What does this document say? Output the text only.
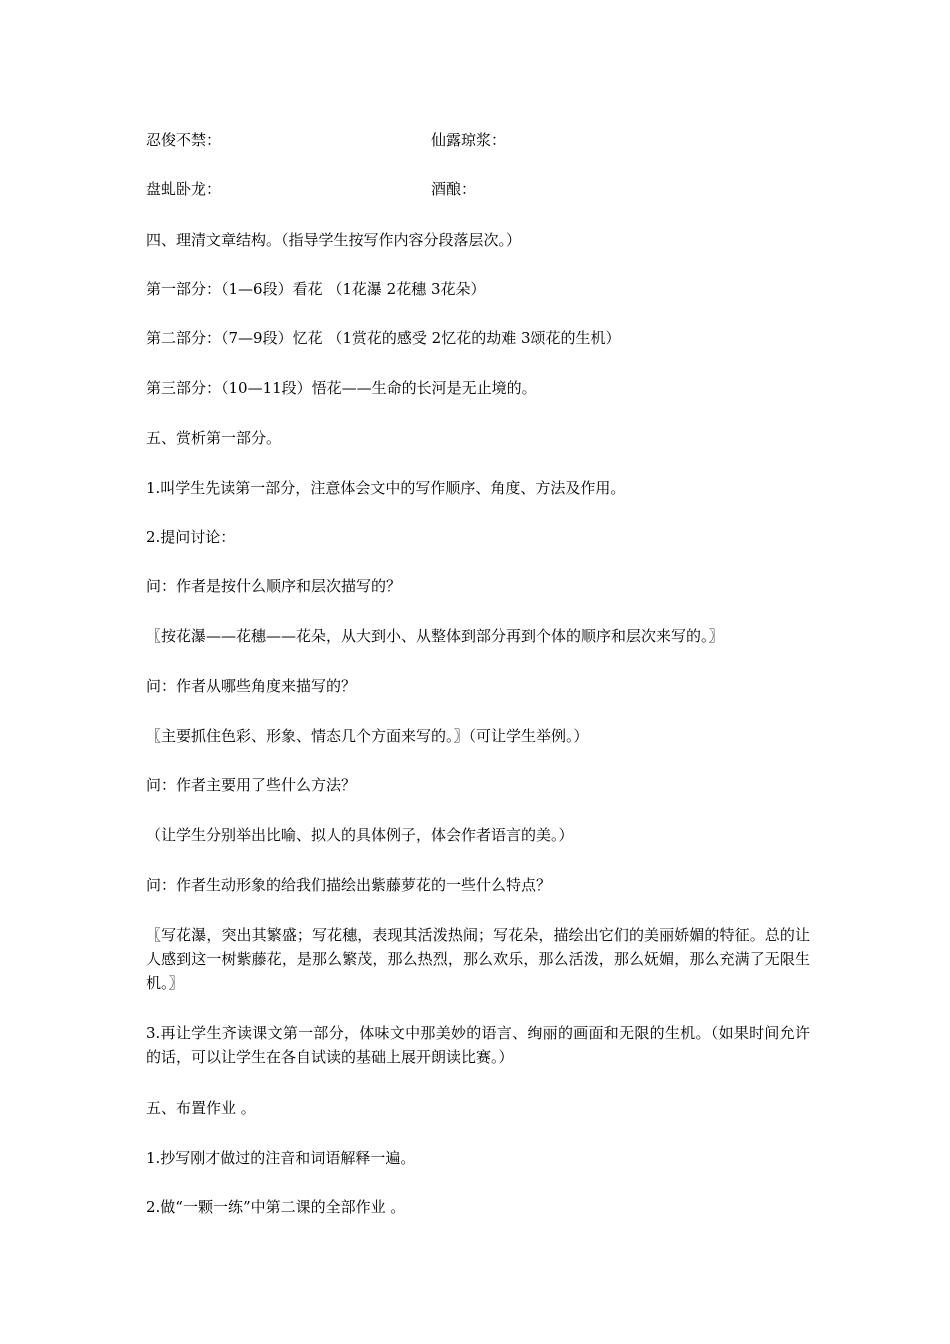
忍俊不禁：	仙露琼浆：
盘虬卧龙：	酒酿：
四、理清文章结构。（指导学生按写作内容分段落层次。）
第一部分：（1—6段）看花 （1花瀑 2花穗 3花朵）
第二部分：（7—9段）忆花 （1赏花的感受 2忆花的劫难 3颂花的生机）
第三部分：（10—11段）悟花——生命的长河是无止境的。
五、赏析第一部分。
1.叫学生先读第一部分，注意体会文中的写作顺序、角度、方法及作用。
2.提问讨论：
问：作者是按什么顺序和层次描写的？
〖按花瀑——花穗——花朵，从大到小、从整体到部分再到个体的顺序和层次来写的。〗
问：作者从哪些角度来描写的？
〖主要抓住色彩、形象、情态几个方面来写的。〗（可让学生举例。）
问：作者主要用了些什么方法？
（让学生分别举出比喻、拟人的具体例子，体会作者语言的美。）
问：作者生动形象的给我们描绘出紫藤萝花的一些什么特点？
〖写花瀑，突出其繁盛；写花穗，表现其活泼热闹；写花朵，描绘出它们的美丽娇媚的特征。总的让人感到这一树紫藤花，是那么繁茂，那么热烈，那么欢乐，那么活泼，那么妩媚，那么充满了无限生机。〗
3.再让学生齐读课文第一部分，体味文中那美妙的语言、绚丽的画面和无限的生机。（如果时间允许的话，可以让学生在各自试读的基础上展开朗读比赛。）
五、布置作业 。
1.抄写刚才做过的注音和词语解释一遍。
2.做“一颗一练”中第二课的全部作业 。
